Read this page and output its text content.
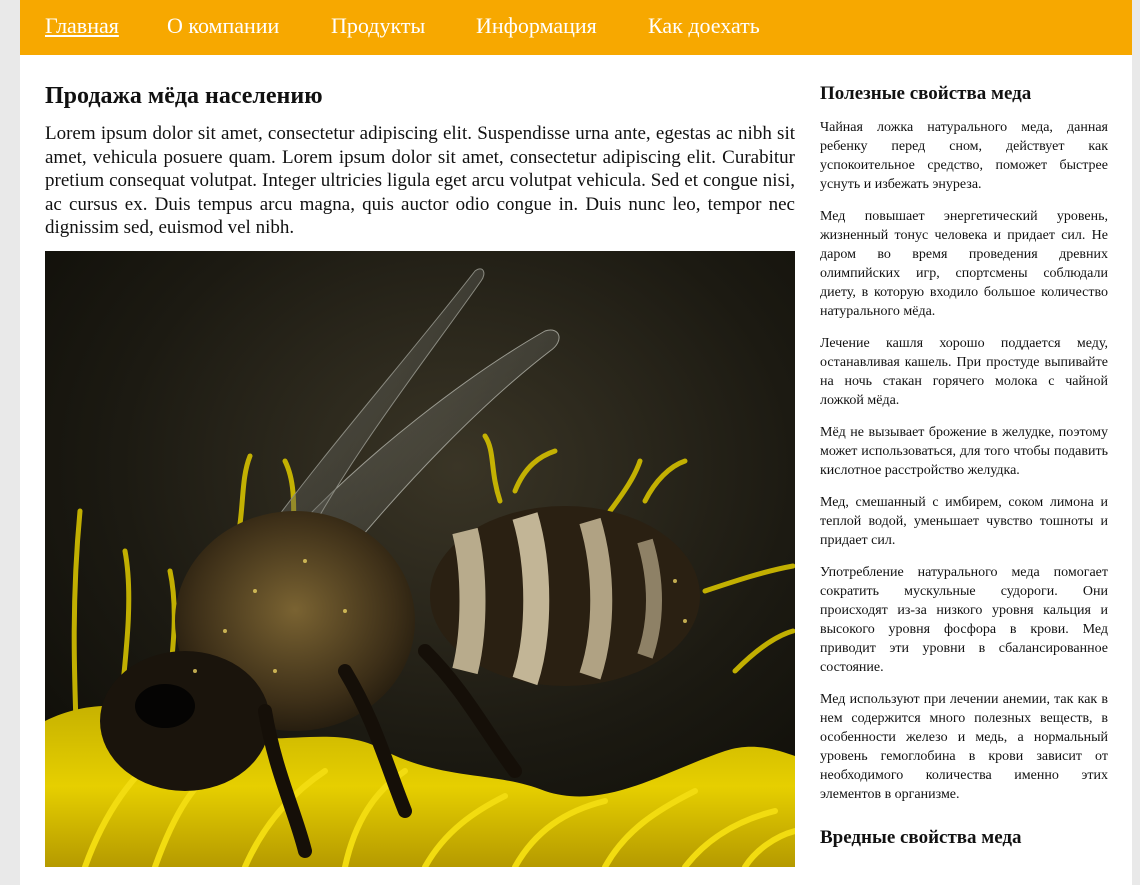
Главная О компании Продукты Информация Как доехать
Продажа мёда населению

Lorem ipsum dolor sit amet, consectetur adipiscing elit. Suspendisse urna ante, egestas ac nibh sit amet, vehicula posuere quam. Lorem ipsum dolor sit amet, consectetur adipiscing elit. Curabitur pretium consequat volutpat. Integer ultricies ligula eget arcu volutpat vehicula. Sed et congue nisi, ac cursus ex. Duis tempus arcu magna, quis auctor odio congue in. Duis nunc leo, tempor nec dignissim sed, euismod vel nibh.

Полезные свойства меда

Чайная ложка натурального меда, данная ребенку перед сном, действует как успокоительное средство, поможет быстрее уснуть и избежать энуреза.

Мед повышает энергетический уровень, жизненный тонус человека и придает сил. Не даром во время проведения древних олимпийских игр, спортсмены соблюдали диету, в которую входило большое количество натурального мёда.

Лечение кашля хорошо поддается меду, останавливая кашель. При простуде выпивайте на ночь стакан горячего молока с чайной ложкой мёда.

Мёд не вызывает брожение в желудке, поэтому может использоваться, для того чтобы подавить кислотное расстройство желудка.

Мед, смешанный с имбирем, соком лимона и теплой водой, уменьшает чувство тошноты и придает сил.

Употребление натурального меда помогает сократить мускульные судороги. Они происходят из-за низкого уровня кальция и высокого уровня фосфора в крови. Мед приводит эти уровни в сбалансированное состояние.

Мед используют при лечении анемии, так как в нем содержится много полезных веществ, в особенности железо и медь, а нормальный уровень гемоглобина в крови зависит от необходимого количества именно этих элементов в организме.

Вредные свойства меда
